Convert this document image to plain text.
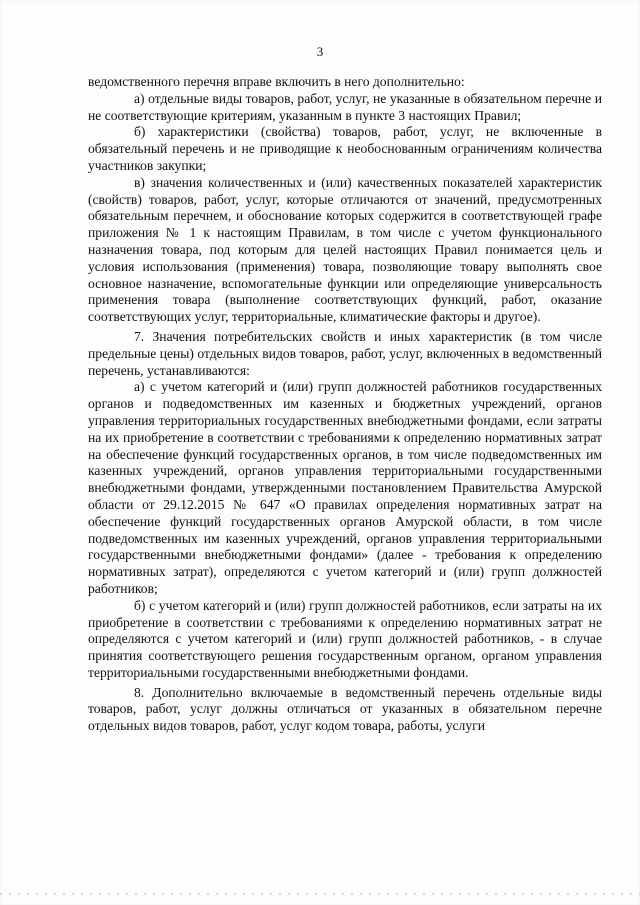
3

ведомственного перечня вправе включить в него дополнительно:

а) отдельные виды товаров, работ, услуг, не указанные в обязательном перечне и не соответствующие критериям, указанным в пункте 3 настоящих Правил;

б) характеристики (свойства) товаров, работ, услуг, не включенные в обязательный перечень и не приводящие к необоснованным ограничениям количества участников закупки;

в) значения количественных и (или) качественных показателей характеристик (свойств) товаров, работ, услуг, которые отличаются от значений, предусмотренных обязательным перечнем, и обоснование которых содержится в соответствующей графе приложения № 1 к настоящим Правилам, в том числе с учетом функционального назначения товара, под которым для целей настоящих Правил понимается цель и условия использования (применения) товара, позволяющие товару выполнять свое основное назначение, вспомогательные функции или определяющие универсальность применения товара (выполнение соответствующих функций, работ, оказание соответствующих услуг, территориальные, климатические факторы и другое).

7. Значения потребительских свойств и иных характеристик (в том числе предельные цены) отдельных видов товаров, работ, услуг, включенных в ведомственный перечень, устанавливаются:

а) с учетом категорий и (или) групп должностей работников государственных органов и подведомственных им казенных и бюджетных учреждений, органов управления территориальных государственных внебюджетными фондами, если затраты на их приобретение в соответствии с требованиями к определению нормативных затрат на обеспечение функций государственных органов, в том числе подведомственных им казенных учреждений, органов управления территориальными государственными внебюджетными фондами, утвержденными постановлением Правительства Амурской области от 29.12.2015 № 647 «О правилах определения нормативных затрат на обеспечение функций государственных органов Амурской области, в том числе подведомственных им казенных учреждений, органов управления территориальными государственными внебюджетными фондами» (далее - требования к определению нормативных затрат), определяются с учетом категорий и (или) групп должностей работников;

б) с учетом категорий и (или) групп должностей работников, если затраты на их приобретение в соответствии с требованиями к определению нормативных затрат не определяются с учетом категорий и (или) групп должностей работников, - в случае принятия соответствующего решения государственным органом, органом управления территориальными государственными внебюджетными фондами.

8. Дополнительно включаемые в ведомственный перечень отдельные виды товаров, работ, услуг должны отличаться от указанных в обязательном перечне отдельных видов товаров, работ, услуг кодом товара, работы, услуги
